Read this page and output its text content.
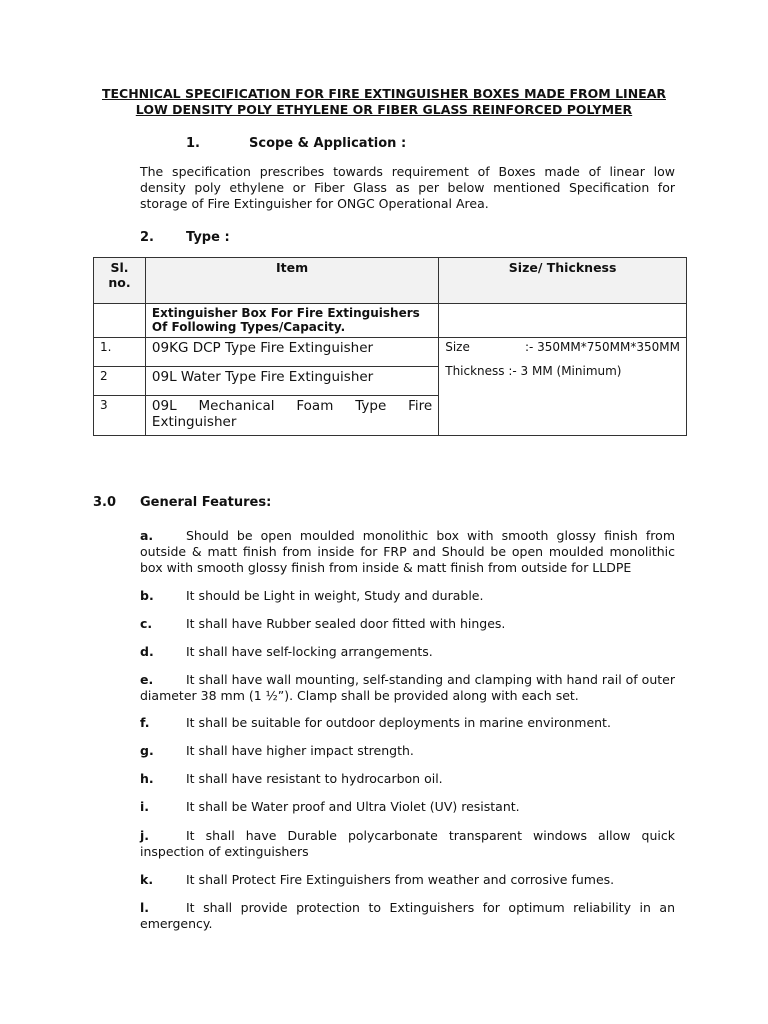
TECHNICAL SPECIFICATION FOR FIRE EXTINGUISHER BOXES MADE FROM LINEAR LOW DENSITY POLY ETHYLENE OR FIBER GLASS REINFORCED POLYMER
1.	Scope & Application :
The specification prescribes towards requirement of Boxes made of linear low density poly ethylene or Fiber Glass as per below mentioned Specification for storage of Fire Extinguisher for ONGC Operational Area.
2. Type :
Sl. no.	Item	Size/ Thickness
	Extinguisher Box For Fire Extinguishers Of Following Types/Capacity.	
1.	09KG DCP Type Fire Extinguisher	Size :- 350MM*750MM*350MM
Thickness :- 3 MM (Minimum)

2	09L Water Type Fire Extinguisher	
3	09L Mechanical Foam Type Fire Extinguisher	
3.0 General Features:
a.	Should be open moulded monolithic box with smooth glossy finish from outside & matt finish from inside for FRP and Should be open moulded monolithic box with smooth glossy finish from inside & matt finish from outside for LLDPE
b.	It should be Light in weight, Study and durable.
c.	It shall have Rubber sealed door fitted with hinges.
d.	It shall have self-locking arrangements.
e.	It shall have wall mounting, self-standing and clamping with hand rail of outer diameter 38 mm (1 ½”). Clamp shall be provided along with each set.
f.	It shall be suitable for outdoor deployments in marine environment.
g.	It shall have higher impact strength.
h.	It shall have resistant to hydrocarbon oil.
i.	It shall be Water proof and Ultra Violet (UV) resistant.
j.	It shall have Durable polycarbonate transparent windows allow quick inspection of extinguishers
k.	It shall Protect Fire Extinguishers from weather and corrosive fumes.
l.	It shall provide protection to Extinguishers for optimum reliability in an emergency.
